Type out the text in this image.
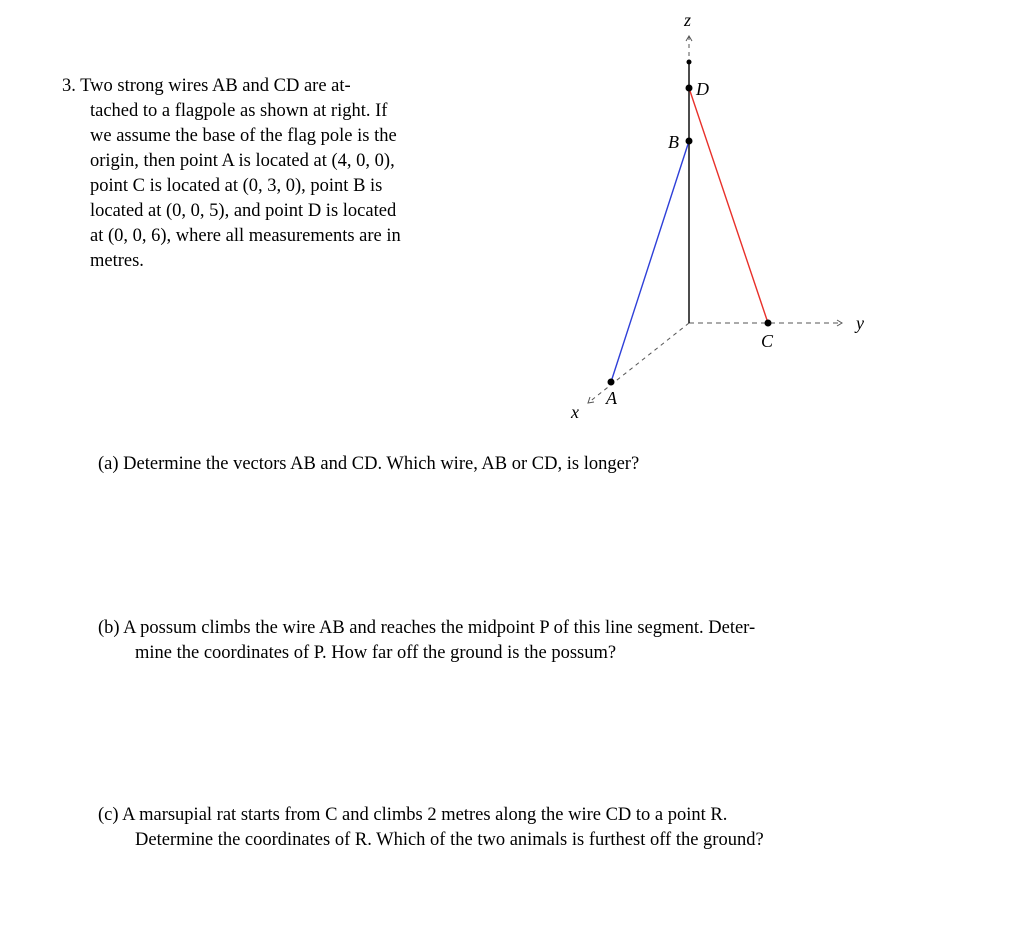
3. Two strong wires AB and CD are at-
tached to a flagpole as shown at right. If
we assume the base of the flag pole is the
origin, then point A is located at (4, 0, 0),
point C is located at (0, 3, 0), point B is
located at (0, 0, 5), and point D is located
at (0, 0, 6), where all measurements are in
metres.
z
y
x
D
B
C
A
(a) Determine the vectors AB and CD. Which wire, AB or CD, is longer?
(b) A possum climbs the wire AB and reaches the midpoint P of this line segment. Deter-
mine the coordinates of P. How far off the ground is the possum?
(c) A marsupial rat starts from C and climbs 2 metres along the wire CD to a point R.
Determine the coordinates of R. Which of the two animals is furthest off the ground?
